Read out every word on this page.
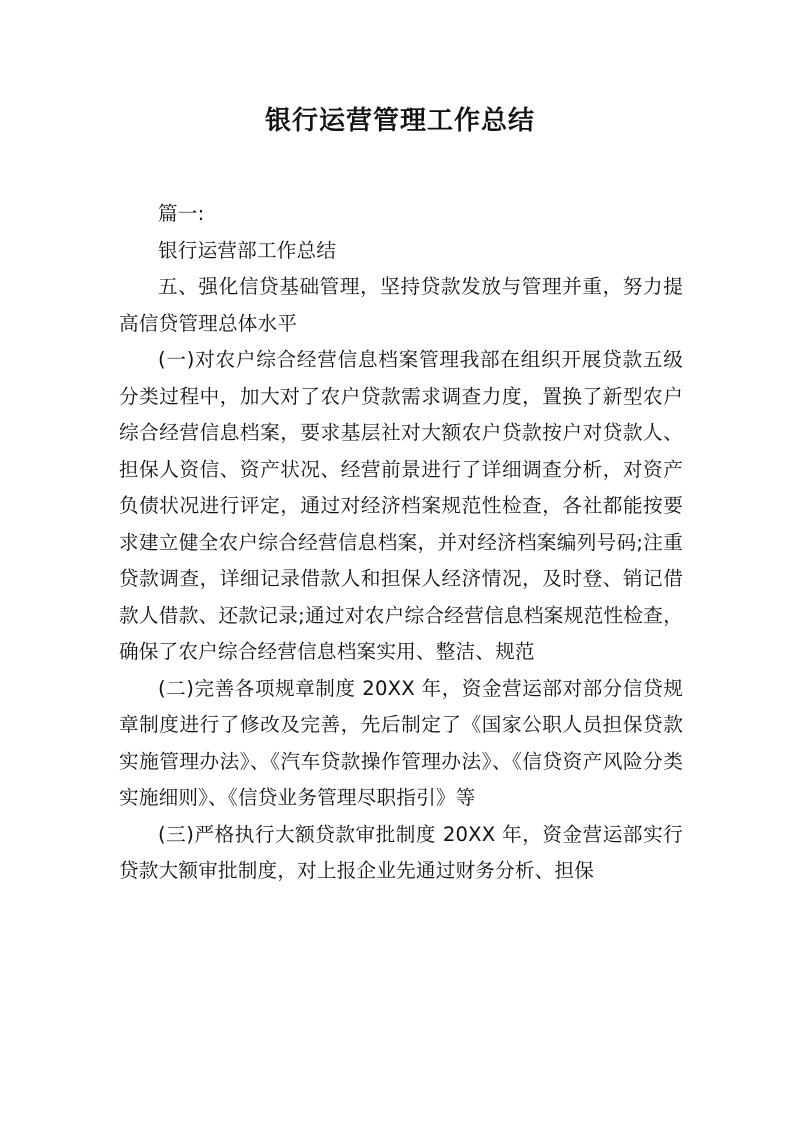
银行运营管理工作总结

篇一:

银行运营部工作总结

五、强化信贷基础管理，坚持贷款发放与管理并重，努力提高信贷管理总体水平

(一)对农户综合经营信息档案管理我部在组织开展贷款五级分类过程中，加大对了农户贷款需求调查力度，置换了新型农户综合经营信息档案，要求基层社对大额农户贷款按户对贷款人、担保人资信、资产状况、经营前景进行了详细调查分析，对资产负债状况进行评定，通过对经济档案规范性检查，各社都能按要求建立健全农户综合经营信息档案，并对经济档案编列号码;注重贷款调查，详细记录借款人和担保人经济情况，及时登、销记借款人借款、还款记录;通过对农户综合经营信息档案规范性检查，确保了农户综合经营信息档案实用、整洁、规范

(二)完善各项规章制度 20XX 年，资金营运部对部分信贷规章制度进行了修改及完善，先后制定了《国家公职人员担保贷款实施管理办法》、《汽车贷款操作管理办法》、《信贷资产风险分类实施细则》、《信贷业务管理尽职指引》等

(三)严格执行大额贷款审批制度 20XX 年，资金营运部实行贷款大额审批制度，对上报企业先通过财务分析、担保
